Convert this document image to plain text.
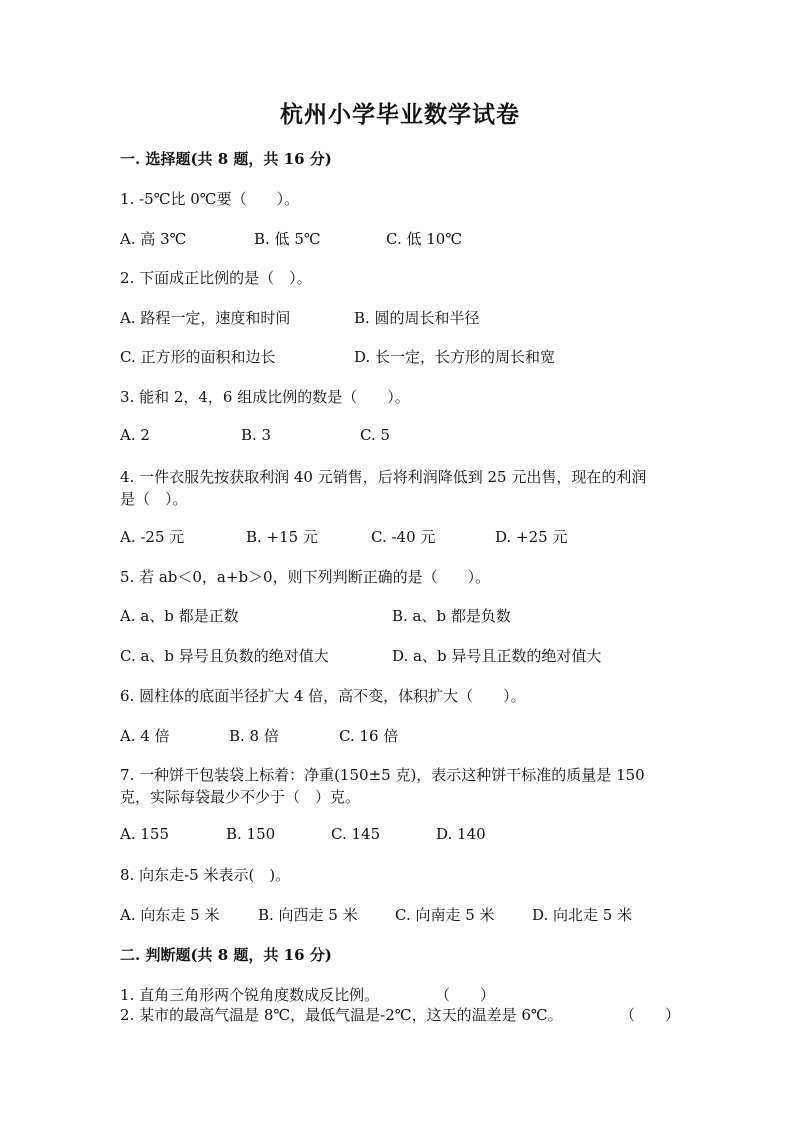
杭州小学毕业数学试卷
一. 选择题(共 8 题，共 16 分)
1. -5℃比 0℃要（　　）。
A. 高 3℃	B. 低 5℃	C. 低 10℃
2. 下面成正比例的是（　）。
A. 路程一定，速度和时间	B. 圆的周长和半径
C. 正方形的面积和边长	D. 长一定，长方形的周长和宽
3. 能和 2，4，6 组成比例的数是（　　）。
A. 2	B. 3	C. 5
4. 一件衣服先按获取利润 40 元销售，后将利润降低到 25 元出售，现在的利润是（　）。
A. -25 元	B. +15 元	C. -40 元	D. +25 元
5. 若 ab＜0，a+b＞0，则下列判断正确的是（　　）。
A. a、b 都是正数	B. a、b 都是负数
C. a、b 异号且负数的绝对值大	D. a、b 异号且正数的绝对值大
6. 圆柱体的底面半径扩大 4 倍，高不变，体积扩大（　　）。
A. 4 倍	B. 8 倍	C. 16 倍
7. 一种饼干包装袋上标着：净重(150±5 克)，表示这种饼干标准的质量是 150 克，实际每袋最少不少于（　）克。
A. 155	B. 150	C. 145	D. 140
8. 向东走-5 米表示(　)。
A. 向东走 5 米	B. 向西走 5 米 C. 向南走 5 米 D. 向北走 5 米
二. 判断题(共 8 题，共 16 分)
1. 直角三角形两个锐角度数成反比例。	（　　）
2. 某市的最高气温是 8℃，最低气温是-2℃，这天的温差是 6℃。	（　　）
